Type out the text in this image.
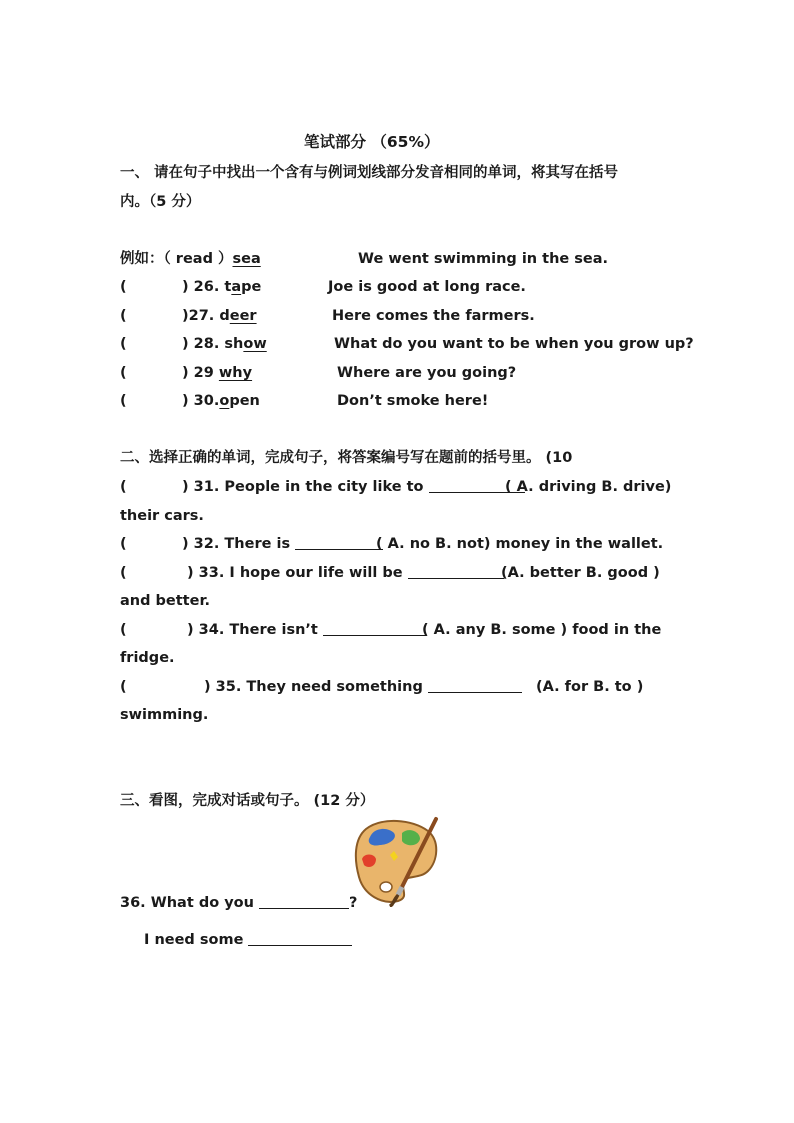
笔试部分 （65%）
一、 请在句子中找出一个含有与例词划线部分发音相同的单词，将其写在括号
内。（5 分）
例如：（ read ）sea	We went swimming in the sea.
(	) 26. tape	Joe is good at long race.
(	)27. deer	Here comes the farmers.
(	) 28. show	What do you want to be when you grow up?
(	) 29 why	Where are you going?
(	) 30.open	Don’t smoke here!
二、选择正确的单词，完成句子，将答案编号写在题前的括号里。 (10
(	) 31. People in the city like to	( A. driving B. drive)
their cars.
(	) 32. There is	( A. no B. not) money in the wallet.
(	) 33. I hope our life will be	(A. better B. good )
and better.
(	) 34. There isn’t	( A. any B. some ) food in the
fridge.
(	) 35. They need something	(A. for B. to )
swimming.
三、看图，完成对话或句子。 (12 分）
36. What do you	?
I need some
